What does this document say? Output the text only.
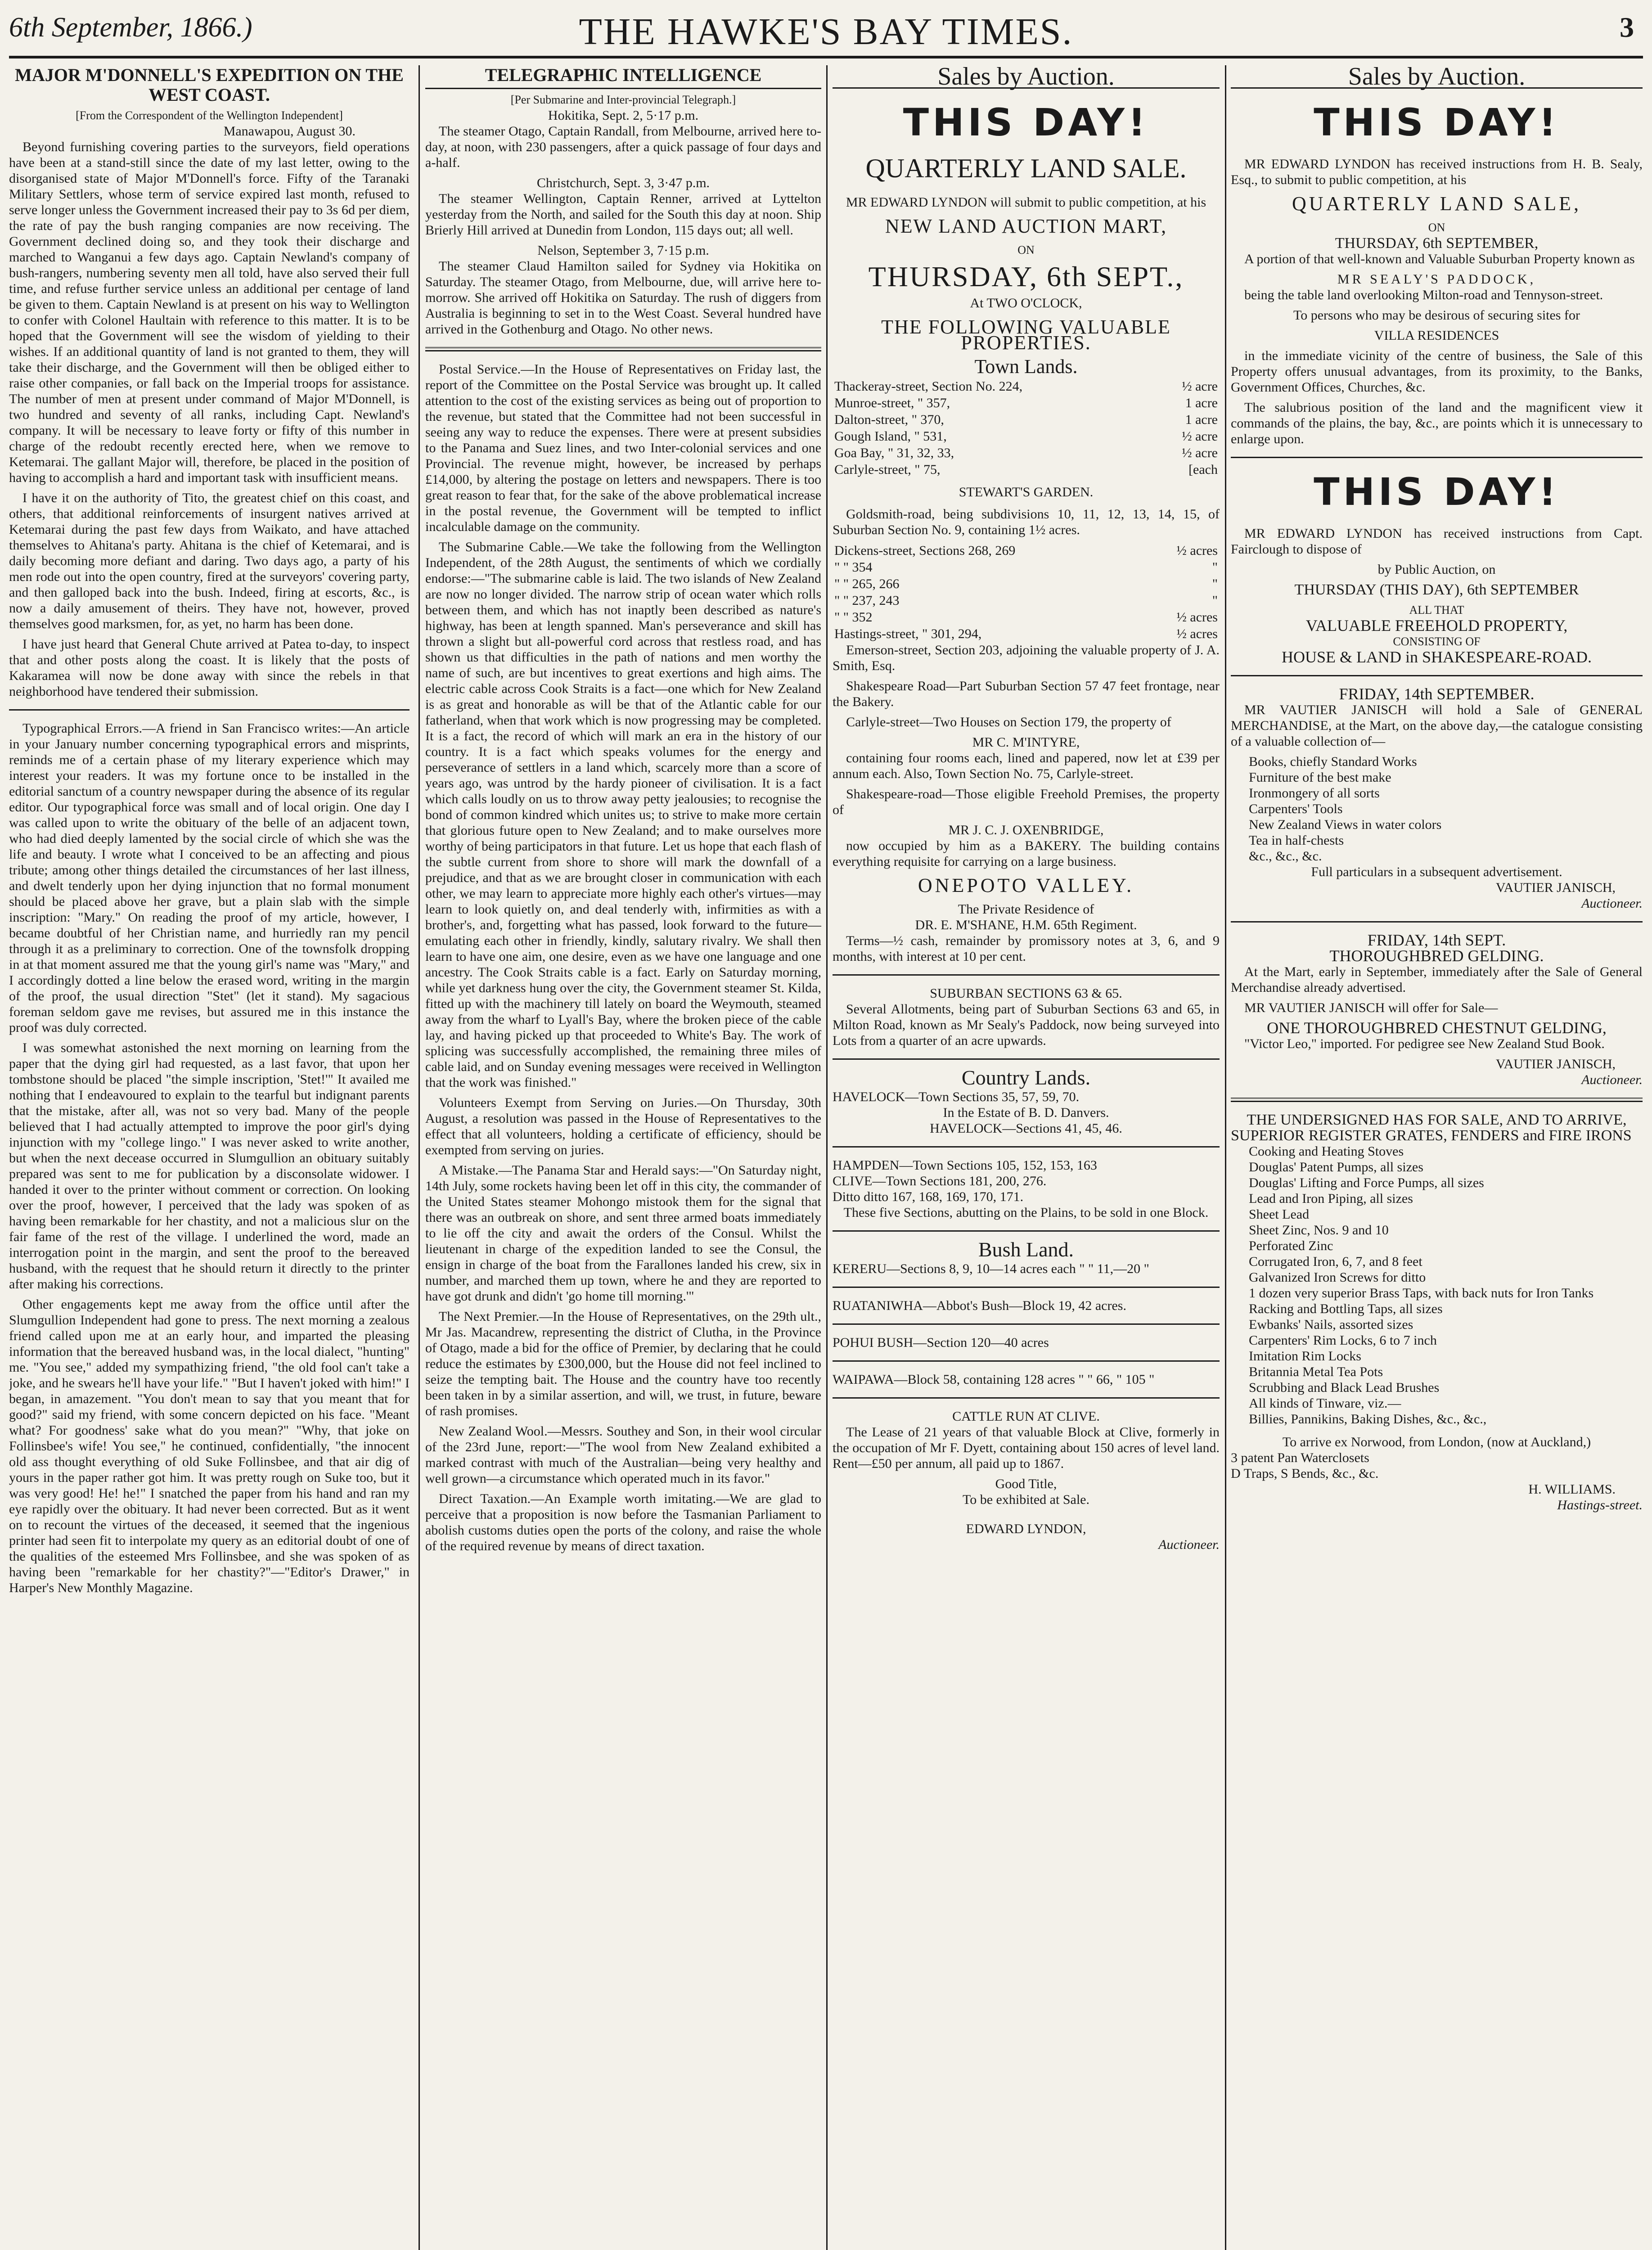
6th September, 1866.)	THE HAWKE'S BAY TIMES.	3
MAJOR M'DONNELL'S EXPEDITION ON THE WEST COAST.
[From the Correspondent of the Wellington Independent]
Manawapou, August 30.

Beyond furnishing covering parties to the surveyors, field operations have been at a stand-still since the date of my last letter, owing to the disorganised state of Major M'Donnell's force. Fifty of the Taranaki Military Settlers, whose term of service expired last month, refused to serve longer unless the Government increased their pay to 3s 6d per diem, the rate of pay the bush ranging companies are now receiving. The Government declined doing so, and they took their discharge and marched to Wanganui a few days ago. Captain Newland's company of bush-rangers, numbering seventy men all told, have also served their full time, and refuse further service unless an additional per centage of land be given to them. Captain Newland is at present on his way to Wellington to confer with Colonel Haultain with reference to this matter. It is to be hoped that the Government will see the wisdom of yielding to their wishes. If an additional quantity of land is not granted to them, they will take their discharge, and the Government will then be obliged either to raise other companies, or fall back on the Imperial troops for assistance. The number of men at present under command of Major M'Donnell, is two hundred and seventy of all ranks, including Capt. Newland's company. It will be necessary to leave forty or fifty of this number in charge of the redoubt recently erected here, when we remove to Ketemarai. The gallant Major will, therefore, be placed in the position of having to accomplish a hard and important task with insufficient means.

I have it on the authority of Tito, the greatest chief on this coast, and others, that additional reinforcements of insurgent natives arrived at Ketemarai during the past few days from Waikato, and have attached themselves to Ahitana's party. Ahitana is the chief of Ketemarai, and is daily becoming more defiant and daring. Two days ago, a party of his men rode out into the open country, fired at the surveyors' covering party, and then galloped back into the bush. Indeed, firing at escorts, &c., is now a daily amusement of theirs. They have not, however, proved themselves good marksmen, for, as yet, no harm has been done.

I have just heard that General Chute arrived at Patea to-day, to inspect that and other posts along the coast. It is likely that the posts of Kakaramea will now be done away with since the rebels in that neighborhood have tendered their submission.

Typographical Errors.—A friend in San Francisco writes:—An article in your January number concerning typographical errors and misprints, reminds me of a certain phase of my literary experience which may interest your readers. It was my fortune once to be installed in the editorial sanctum of a country newspaper during the absence of its regular editor. Our typographical force was small and of local origin. One day I was called upon to write the obituary of the belle of an adjacent town, who had died deeply lamented by the social circle of which she was the life and beauty. I wrote what I conceived to be an affecting and pious tribute; among other things detailed the circumstances of her last illness, and dwelt tenderly upon her dying injunction that no formal monument should be placed above her grave, but a plain slab with the simple inscription: "Mary." On reading the proof of my article, however, I became doubtful of her Christian name, and hurriedly ran my pencil through it as a preliminary to correction. One of the townsfolk dropping in at that moment assured me that the young girl's name was "Mary," and I accordingly dotted a line below the erased word, writing in the margin of the proof, the usual direction "Stet" (let it stand). My sagacious foreman seldom gave me revises, but assured me in this instance the proof was duly corrected.

I was somewhat astonished the next morning on learning from the paper that the dying girl had requested, as a last favor, that upon her tombstone should be placed "the simple inscription, 'Stet!'" It availed me nothing that I endeavoured to explain to the tearful but indignant parents that the mistake, after all, was not so very bad. Many of the people believed that I had actually attempted to improve the poor girl's dying injunction with my "college lingo." I was never asked to write another, but when the next decease occurred in Slumgullion an obituary suitably prepared was sent to me for publication by a disconsolate widower. I handed it over to the printer without comment or correction. On looking over the proof, however, I perceived that the lady was spoken of as having been remarkable for her chastity, and not a malicious slur on the fair fame of the rest of the village. I underlined the word, made an interrogation point in the margin, and sent the proof to the bereaved husband, with the request that he should return it directly to the printer after making his corrections.

Other engagements kept me away from the office until after the Slumgullion Independent had gone to press. The next morning a zealous friend called upon me at an early hour, and imparted the pleasing information that the bereaved husband was, in the local dialect, "hunting" me. "You see," added my sympathizing friend, "the old fool can't take a joke, and he swears he'll have your life." "But I haven't joked with him!" I began, in amazement. "You don't mean to say that you meant that for good?" said my friend, with some concern depicted on his face. "Meant what? For goodness' sake what do you mean?" "Why, that joke on Follinsbee's wife! You see," he continued, confidentially, "the innocent old ass thought everything of old Suke Follinsbee, and that air dig of yours in the paper rather got him. It was pretty rough on Suke too, but it was very good! He! he!" I snatched the paper from his hand and ran my eye rapidly over the obituary. It had never been corrected. But as it went on to recount the virtues of the deceased, it seemed that the ingenious printer had seen fit to interpolate my query as an editorial doubt of one of the qualities of the esteemed Mrs Follinsbee, and she was spoken of as having been "remarkable for her chastity?"—"Editor's Drawer," in Harper's New Monthly Magazine.

TELEGRAPHIC INTELLIGENCE
[Per Submarine and Inter-provincial Telegraph.]
Hokitika, Sept. 2, 5·17 p.m.

The steamer Otago, Captain Randall, from Melbourne, arrived here to-day, at noon, with 230 passengers, after a quick passage of four days and a-half.

Christchurch, Sept. 3, 3·47 p.m.

The steamer Wellington, Captain Renner, arrived at Lyttelton yesterday from the North, and sailed for the South this day at noon. Ship Brierly Hill arrived at Dunedin from London, 115 days out; all well.

Nelson, September 3, 7·15 p.m.

The steamer Claud Hamilton sailed for Sydney via Hokitika on Saturday. The steamer Otago, from Melbourne, due, will arrive here to-morrow. She arrived off Hokitika on Saturday. The rush of diggers from Australia is beginning to set in to the West Coast. Several hundred have arrived in the Gothenburg and Otago. No other news.

Postal Service.—In the House of Representatives on Friday last, the report of the Committee on the Postal Service was brought up. It called attention to the cost of the existing services as being out of proportion to the revenue, but stated that the Committee had not been successful in seeing any way to reduce the expenses. There were at present subsidies to the Panama and Suez lines, and two Inter-colonial services and one Provincial. The revenue might, however, be increased by perhaps £14,000, by altering the postage on letters and newspapers. There is too great reason to fear that, for the sake of the above problematical increase in the postal revenue, the Government will be tempted to inflict incalculable damage on the community.

The Submarine Cable.—We take the following from the Wellington Independent, of the 28th August, the sentiments of which we cordially endorse:—"The submarine cable is laid. The two islands of New Zealand are now no longer divided. The narrow strip of ocean water which rolls between them, and which has not inaptly been described as nature's highway, has been at length spanned. Man's perseverance and skill has thrown a slight but all-powerful cord across that restless road, and has shown us that difficulties in the path of nations and men worthy the name of such, are but incentives to great exertions and high aims. The electric cable across Cook Straits is a fact—one which for New Zealand is as great and honorable as will be that of the Atlantic cable for our fatherland, when that work which is now progressing may be completed. It is a fact, the record of which will mark an era in the history of our country. It is a fact which speaks volumes for the energy and perseverance of settlers in a land which, scarcely more than a score of years ago, was untrod by the hardy pioneer of civilisation. It is a fact which calls loudly on us to throw away petty jealousies; to recognise the bond of common kindred which unites us; to strive to make more certain that glorious future open to New Zealand; and to make ourselves more worthy of being participators in that future. Let us hope that each flash of the subtle current from shore to shore will mark the downfall of a prejudice, and that as we are brought closer in communication with each other, we may learn to appreciate more highly each other's virtues—may learn to look quietly on, and deal tenderly with, infirmities as with a brother's, and, forgetting what has passed, look forward to the future—emulating each other in friendly, kindly, salutary rivalry. We shall then learn to have one aim, one desire, even as we have one language and one ancestry. The Cook Straits cable is a fact. Early on Saturday morning, while yet darkness hung over the city, the Government steamer St. Kilda, fitted up with the machinery till lately on board the Weymouth, steamed away from the wharf to Lyall's Bay, where the broken piece of the cable lay, and having picked up that proceeded to White's Bay. The work of splicing was successfully accomplished, the remaining three miles of cable laid, and on Sunday evening messages were received in Wellington that the work was finished."

Volunteers Exempt from Serving on Juries.—On Thursday, 30th August, a resolution was passed in the House of Representatives to the effect that all volunteers, holding a certificate of efficiency, should be exempted from serving on juries.

A Mistake.—The Panama Star and Herald says:—"On Saturday night, 14th July, some rockets having been let off in this city, the commander of the United States steamer Mohongo mistook them for the signal that there was an outbreak on shore, and sent three armed boats immediately to lie off the city and await the orders of the Consul. Whilst the lieutenant in charge of the expedition landed to see the Consul, the ensign in charge of the boat from the Farallones landed his crew, six in number, and marched them up town, where he and they are reported to have got drunk and didn't 'go home till morning.'"

The Next Premier.—In the House of Representatives, on the 29th ult., Mr Jas. Macandrew, representing the district of Clutha, in the Province of Otago, made a bid for the office of Premier, by declaring that he could reduce the estimates by £300,000, but the House did not feel inclined to seize the tempting bait. The House and the country have too recently been taken in by a similar assertion, and will, we trust, in future, beware of rash promises.

New Zealand Wool.—Messrs. Southey and Son, in their wool circular of the 23rd June, report:—"The wool from New Zealand exhibited a marked contrast with much of the Australian—being very healthy and well grown—a circumstance which operated much in its favor."

Direct Taxation.—An Example worth imitating.—We are glad to perceive that a proposition is now before the Tasmanian Parliament to abolish customs duties open the ports of the colony, and raise the whole of the required revenue by means of direct taxation.

Sales by Auction.
THIS DAY!
QUARTERLY LAND SALE.
MR EDWARD LYNDON will submit to public competition, at his
NEW LAND AUCTION MART,
ON
THURSDAY, 6th SEPT.,
At TWO O'CLOCK,
THE FOLLOWING VALUABLE PROPERTIES.
Town Lands.
Thackeray-street, Section No. 224,	½ acre
Munroe-street, " 357,	1 acre
Dalton-street, " 370,	1 acre
Gough Island, " 531,	½ acre
Goa Bay, " 31, 32, 33,	½ acre
Carlyle-street, " 75,	[each
STEWART'S GARDEN.

Goldsmith-road, being subdivisions 10, 11, 12, 13, 14, 15, of Suburban Section No. 9, containing 1½ acres.

Dickens-street, Sections 268, 269	½ acres
" " 354	"
" " 265, 266	"
" " 237, 243	"
" " 352	½ acres
Hastings-street, " 301, 294,	½ acres

Emerson-street, Section 203, adjoining the valuable property of J. A. Smith, Esq.

Shakespeare Road—Part Suburban Section 57 47 feet frontage, near the Bakery.

Carlyle-street—Two Houses on Section 179, the property of

MR C. M'INTYRE,

containing four rooms each, lined and papered, now let at £39 per annum each. Also, Town Section No. 75, Carlyle-street.

Shakespeare-road—Those eligible Freehold Premises, the property of

MR J. C. J. OXENBRIDGE,

now occupied by him as a BAKERY. The building contains everything requisite for carrying on a large business.

ONEPOTO VALLEY.
The Private Residence of
DR. E. M'SHANE, H.M. 65th Regiment.

Terms—½ cash, remainder by promissory notes at 3, 6, and 9 months, with interest at 10 per cent.

SUBURBAN SECTIONS 63 & 65.

Several Allotments, being part of Suburban Sections 63 and 65, in Milton Road, known as Mr Sealy's Paddock, now being surveyed into Lots from a quarter of an acre upwards.

Country Lands.
HAVELOCK—Town Sections 35, 57, 59, 70.
In the Estate of B. D. Danvers.
HAVELOCK—Sections 41, 45, 46.
HAMPDEN—Town Sections 105, 152, 153, 163
CLIVE—Town Sections 181, 200, 276.
Ditto ditto 167, 168, 169, 170, 171.
These five Sections, abutting on the Plains, to be sold in one Block.
Bush Land.
KERERU—Sections 8, 9, 10—14 acres each " " 11,—20 "
RUATANIWHA—Abbot's Bush—Block 19, 42 acres.
POHUI BUSH—Section 120—40 acres
WAIPAWA—Block 58, containing 128 acres " " 66, " 105 "
CATTLE RUN AT CLIVE.

The Lease of 21 years of that valuable Block at Clive, formerly in the occupation of Mr F. Dyett, containing about 150 acres of level land. Rent—£50 per annum, all paid up to 1867.

Good Title,
To be exhibited at Sale.
EDWARD LYNDON,
Auctioneer.
Sales by Auction.
THIS DAY!

MR EDWARD LYNDON has received instructions from H. B. Sealy, Esq., to submit to public competition, at his

QUARTERLY LAND SALE,
ON
THURSDAY, 6th SEPTEMBER,

A portion of that well-known and Valuable Suburban Property known as

MR SEALY'S PADDOCK,

being the table land overlooking Milton-road and Tennyson-street.

To persons who may be desirous of securing sites for
VILLA RESIDENCES

in the immediate vicinity of the centre of business, the Sale of this Property offers unusual advantages, from its proximity, to the Banks, Government Offices, Churches, &c.

The salubrious position of the land and the magnificent view it commands of the plains, the bay, &c., are points which it is unnecessary to enlarge upon.

THIS DAY!

MR EDWARD LYNDON has received instructions from Capt. Fairclough to dispose of

by Public Auction, on
THURSDAY (THIS DAY), 6th SEPTEMBER
ALL THAT
VALUABLE FREEHOLD PROPERTY,
CONSISTING OF
HOUSE & LAND in SHAKESPEARE-ROAD.
FRIDAY, 14th SEPTEMBER.

MR VAUTIER JANISCH will hold a Sale of GENERAL MERCHANDISE, at the Mart, on the above day,—the catalogue consisting of a valuable collection of—

Books, chiefly Standard Works
Furniture of the best make
Ironmongery of all sorts
Carpenters' Tools
New Zealand Views in water colors
Tea in half-chests
&c., &c., &c.
Full particulars in a subsequent advertisement.
VAUTIER JANISCH,
Auctioneer.
FRIDAY, 14th SEPT.
THOROUGHBRED GELDING.

At the Mart, early in September, immediately after the Sale of General Merchandise already advertised.

MR VAUTIER JANISCH will offer for Sale—

ONE THOROUGHBRED CHESTNUT GELDING,

"Victor Leo," imported. For pedigree see New Zealand Stud Book.

VAUTIER JANISCH,
Auctioneer.
THE UNDERSIGNED HAS FOR SALE, AND TO ARRIVE,
SUPERIOR REGISTER GRATES, FENDERS and FIRE IRONS
Cooking and Heating Stoves
Douglas' Patent Pumps, all sizes
Douglas' Lifting and Force Pumps, all sizes
Lead and Iron Piping, all sizes
Sheet Lead
Sheet Zinc, Nos. 9 and 10
Perforated Zinc
Corrugated Iron, 6, 7, and 8 feet
Galvanized Iron Screws for ditto
1 dozen very superior Brass Taps, with back nuts for Iron Tanks
Racking and Bottling Taps, all sizes
Ewbanks' Nails, assorted sizes
Carpenters' Rim Locks, 6 to 7 inch
Imitation Rim Locks
Britannia Metal Tea Pots
Scrubbing and Black Lead Brushes
All kinds of Tinware, viz.—
Billies, Pannikins, Baking Dishes, &c., &c.,
To arrive ex Norwood, from London, (now at Auckland,)
3 patent Pan Waterclosets
D Traps, S Bends, &c., &c.
H. WILLIAMS.
Hastings-street.
